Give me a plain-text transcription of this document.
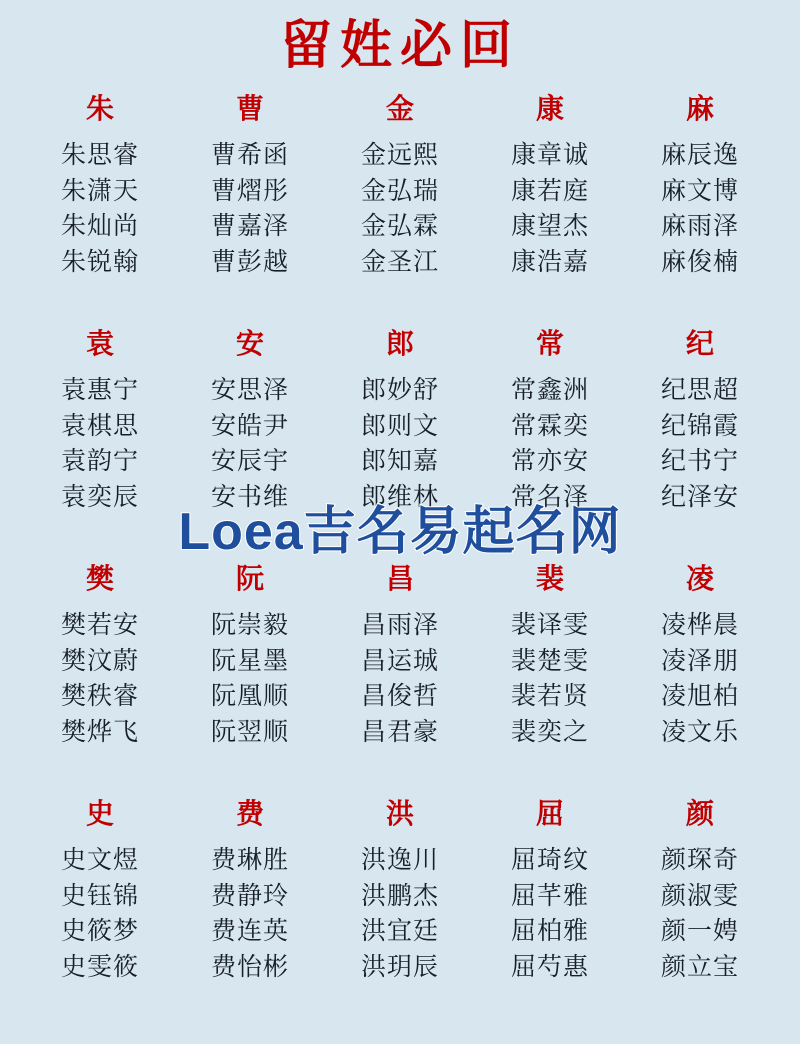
留姓必回
朱
朱思睿
朱潇天
朱灿尚
朱锐翰
曹
曹希函
曹熠彤
曹嘉泽
曹彭越
金
金远熙
金弘瑞
金弘霖
金圣江
康
康章诚
康若庭
康望杰
康浩嘉
麻
麻辰逸
麻文博
麻雨泽
麻俊楠
袁
袁惠宁
袁棋思
袁韵宁
袁奕辰
安
安思泽
安皓尹
安辰宇
安书维
郎
郎妙舒
郎则文
郎知嘉
郎维林
常
常鑫洲
常霖奕
常亦安
常名泽
纪
纪思超
纪锦霞
纪书宁
纪泽安
樊
樊若安
樊汶蔚
樊秩睿
樊烨飞
阮
阮崇毅
阮星墨
阮凰顺
阮翌顺
昌
昌雨泽
昌运珹
昌俊哲
昌君豪
裴
裴译雯
裴楚雯
裴若贤
裴奕之
凌
凌桦晨
凌泽朋
凌旭柏
凌文乐
史
史文煜
史钰锦
史筱梦
史雯筱
费
费琳胜
费静玲
费连英
费怡彬
洪
洪逸川
洪鹏杰
洪宜廷
洪玥辰
屈
屈琦纹
屈芊雅
屈柏雅
屈芍惠
颜
颜琛奇
颜淑雯
颜一娉
颜立宝
Loea吉名易起名网
